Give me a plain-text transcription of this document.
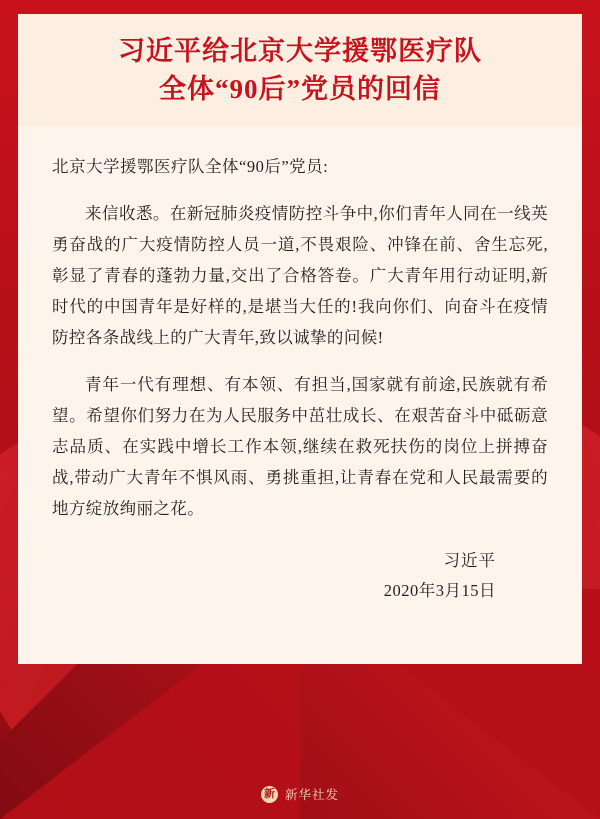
习近平给北京大学援鄂医疗队
全体“90后”党员的回信
北京大学援鄂医疗队全体“90后”党员:
来信收悉。在新冠肺炎疫情防控斗争中,你们青年人同在一线英勇奋战的广大疫情防控人员一道,不畏艰险、冲锋在前、舍生忘死,彰显了青春的蓬勃力量,交出了合格答卷。广大青年用行动证明,新时代的中国青年是好样的,是堪当大任的!我向你们、向奋斗在疫情防控各条战线上的广大青年,致以诚挚的问候!
青年一代有理想、有本领、有担当,国家就有前途,民族就有希望。希望你们努力在为人民服务中茁壮成长、在艰苦奋斗中砥砺意志品质、在实践中增长工作本领,继续在救死扶伤的岗位上拼搏奋战,带动广大青年不惧风雨、勇挑重担,让青春在党和人民最需要的地方绽放绚丽之花。
习近平
2020年3月15日
新 新华社发
